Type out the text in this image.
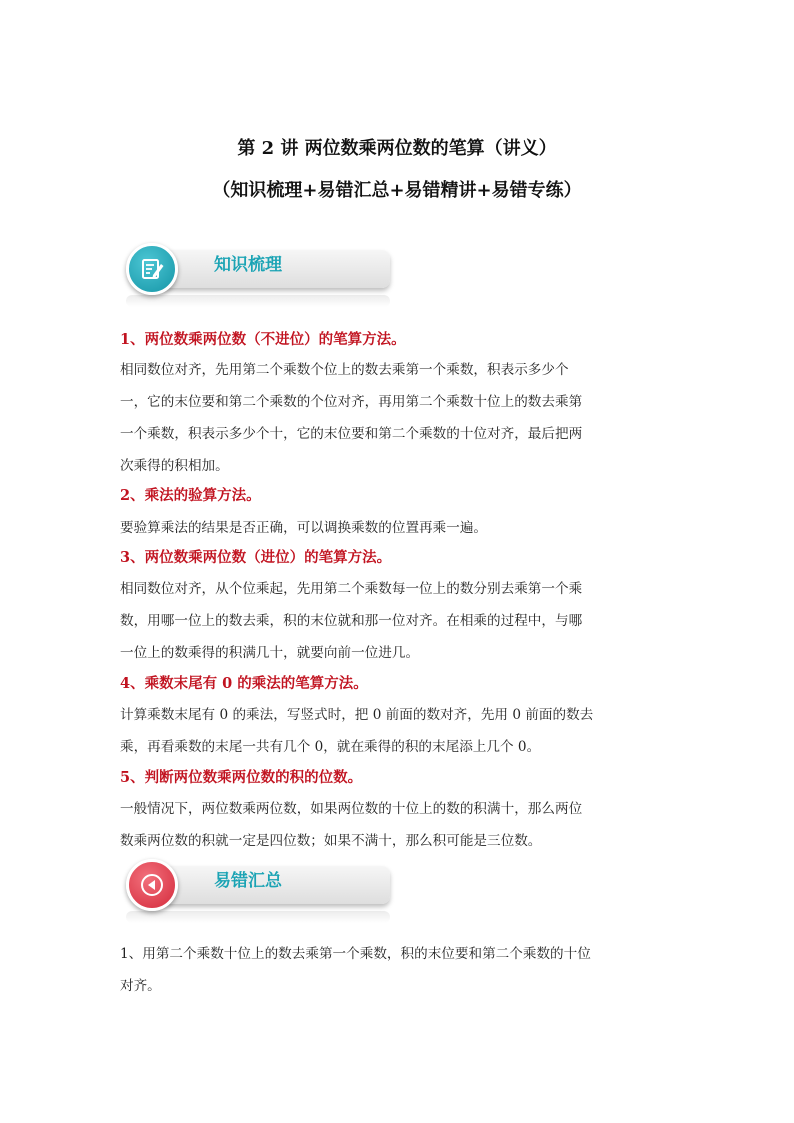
第 2 讲 两位数乘两位数的笔算（讲义）
（知识梳理+易错汇总+易错精讲+易错专练）
知识梳理

1、两位数乘两位数（不进位）的笔算方法。

相同数位对齐，先用第二个乘数个位上的数去乘第一个乘数，积表示多少个
一，它的末位要和第二个乘数的个位对齐，再用第二个乘数十位上的数去乘第
一个乘数，积表示多少个十，它的末位要和第二个乘数的十位对齐，最后把两
次乘得的积相加。

2、乘法的验算方法。

要验算乘法的结果是否正确，可以调换乘数的位置再乘一遍。

3、两位数乘两位数（进位）的笔算方法。

相同数位对齐，从个位乘起，先用第二个乘数每一位上的数分别去乘第一个乘
数，用哪一位上的数去乘，积的末位就和那一位对齐。在相乘的过程中，与哪
一位上的数乘得的积满几十，就要向前一位进几。

4、乘数末尾有 0 的乘法的笔算方法。

计算乘数末尾有 0 的乘法，写竖式时，把 0 前面的数对齐，先用 0 前面的数去
乘，再看乘数的末尾一共有几个 0，就在乘得的积的末尾添上几个 0。

5、判断两位数乘两位数的积的位数。

一般情况下，两位数乘两位数，如果两位数的十位上的数的积满十，那么两位
数乘两位数的积就一定是四位数；如果不满十，那么积可能是三位数。

易错汇总

1、用第二个乘数十位上的数去乘第一个乘数，积的末位要和第二个乘数的十位
对齐。
